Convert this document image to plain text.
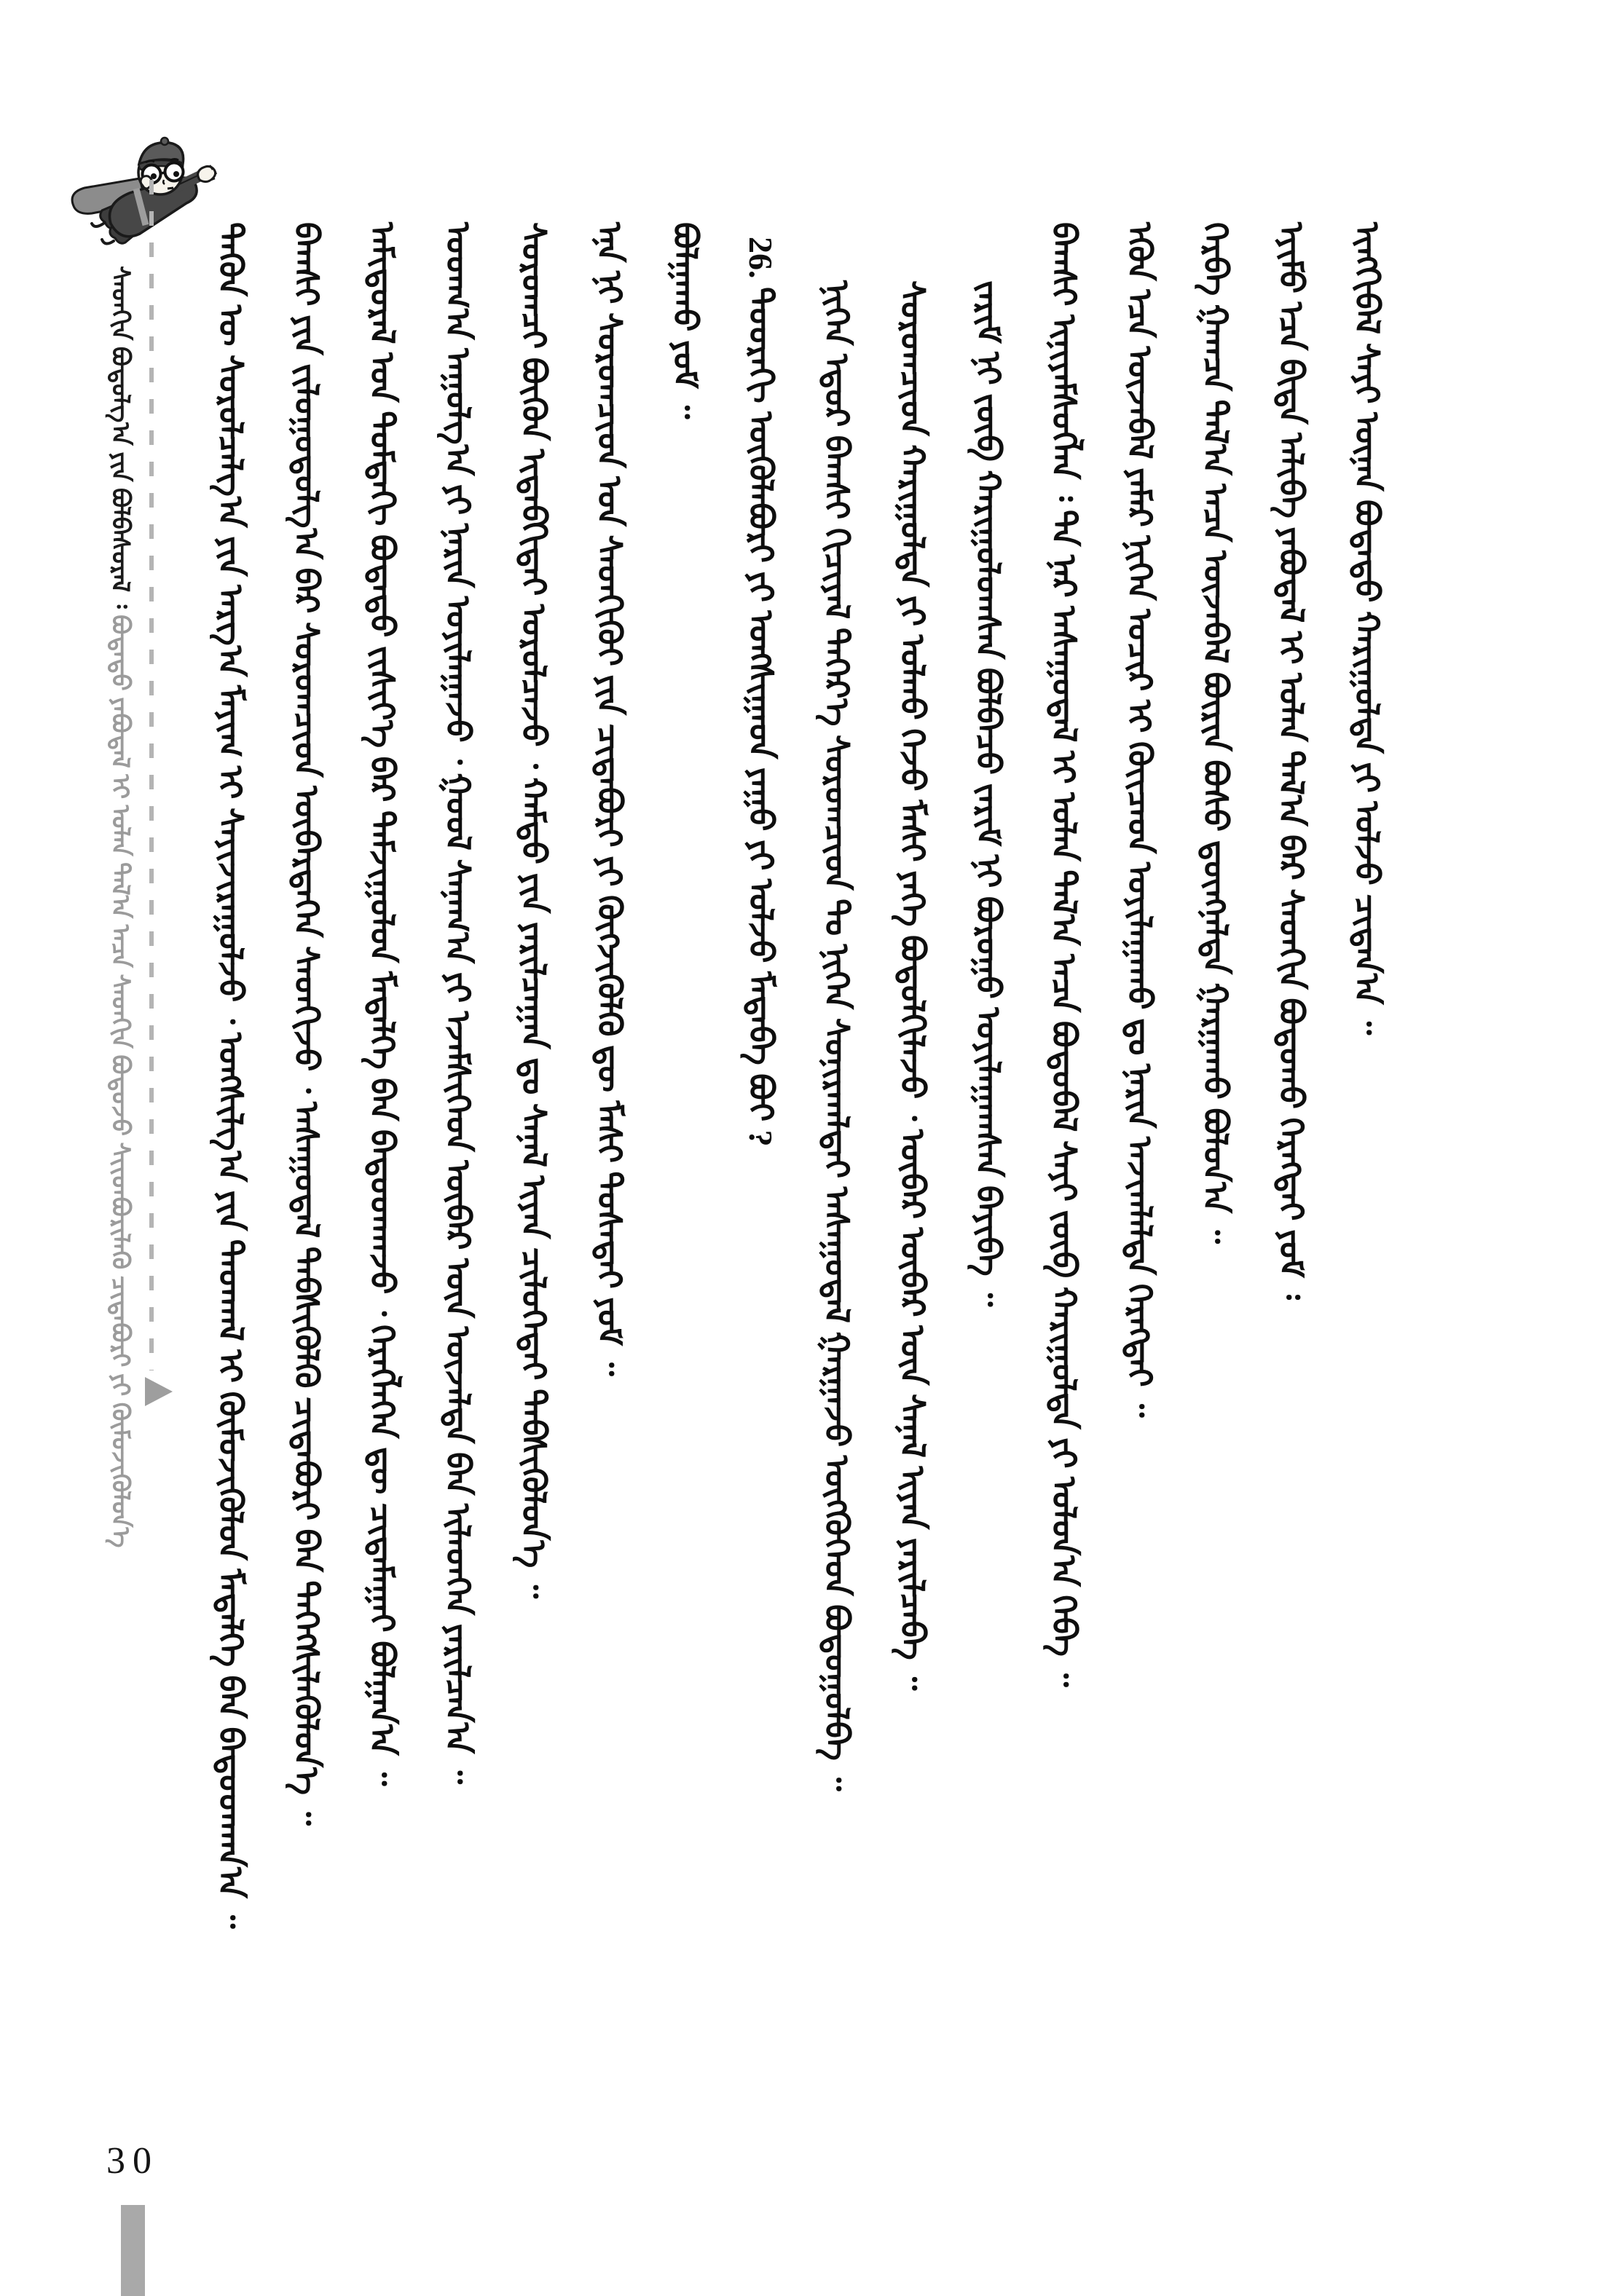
ᠰᠡᠳᠬᠢᠨ ᠪᠣᠳᠣᠯᠭ᠎ᠠ ᠶᠢᠨ ᠪᠣᠯᠪᠠᠰᠤᠷᠠᠯ ᠄ ᠪᠣᠳᠠᠲᠤ ᠶᠠᠪᠤᠳᠠᠯ ᠢ ᠣᠯᠠᠨ ᠲᠠᠯ᠎ᠠ ᠠᠴᠠ ᠰᠡᠳᠬᠢᠨ ᠪᠣᠳᠣᠵᠤ ᠰᠢᠢᠳᠪᠦᠷᠢᠯᠡᠬᠦ ᠴᠢᠳᠠᠪᠤᠷᠢ ᠶᠢ ᠬᠥᠮᠦᠵᠢᠭᠦᠯᠦᠨ᠎ᠡ ᠲᠡᠭᠦᠨ ᠦ ᠰᠤᠷᠤᠯᠴᠠᠯᠭ᠎ᠠ ᠶᠢᠨ ᠠᠷᠭ᠎ᠠ ᠮᠠᠶᠢᠭ ᠢ ᠰᠠᠶᠢᠵᠢᠷᠠᠭᠤᠯᠵᠤ ᠂ ᠤᠩᠰᠢᠯᠭ᠎ᠠ ᠶᠢᠨ ᠳᠠᠳᠬᠠᠯ ᠢ ᠬᠥᠮᠦᠵᠢᠭᠦᠯᠦᠨ ᠮᠡᠳᠡᠯᠭᠡ ᠪᠡᠨ ᠪᠠᠲᠤᠳᠬᠠᠨ᠎ᠠ ᠃ ᠪᠠᠭᠰᠢ ᠶᠢᠨ ᠵᠢᠯᠣᠭᠣᠳᠤᠯᠭ᠎ᠠ ᠪᠠᠷ ᠰᠤᠷᠤᠭᠴᠢᠳ ᠥᠪᠡᠷᠲᠡᠭᠡᠨ ᠰᠡᠳᠬᠢᠵᠦ ᠂ ᠠᠰᠠᠭᠤᠳᠠᠯ ᠳᠡᠪᠰᠢᠭᠦᠯᠬᠦ ᠴᠢᠳᠠᠪᠤᠷᠢ ᠪᠠᠨ ᠳᠡᠭᠡᠭᠰᠢᠯᠡᠭᠦᠯᠦᠨ᠎ᠡ ᠃ ᠠᠮᠢᠳᠤᠷᠠᠯ ᠤᠨ ᠳᠤᠮᠳᠠᠬᠢ ᠪᠣᠳᠠᠲᠤ ᠵᠢᠱᠢᠶ᠎ᠡ ᠪᠡᠷ ᠳᠠᠮᠵᠢᠭᠤᠯᠤᠨ ᠮᠡᠳᠡᠯᠭᠡ ᠪᠡᠨ ᠪᠠᠲᠤᠳᠬᠠᠵᠤ ᠂ ᠬᠡᠷᠡᠭᠯᠡᠭᠡᠨ ᠳᠦ ᠴᠢᠳᠠᠮᠠᠭᠠᠢ ᠪᠣᠯᠭᠠᠨ᠎ᠠ ᠃ ᠤᠳᠬ᠎ᠠ ᠠᠭᠤᠯᠭ᠎ᠠ ᠶᠢ ᠨᠠᠷᠢᠨ ᠣᠶᠢᠯᠠᠭᠠᠵᠤ ᠂ ᠭᠣᠣᠯ ᠰᠠᠨᠠᠭ᠎ᠠ ᠶᠢ ᠡᠵᠡᠮᠰᠢᠭᠡᠳ ᠥᠪᠡᠷ ᠦᠨ ᠦᠵᠡᠯᠲᠡ ᠪᠡᠨ ᠢᠯᠡᠳᠬᠡᠨ ᠶᠠᠷᠢᠯᠴᠠᠨ᠎ᠠ ᠃ ᠰᠤᠷᠤᠭᠴᠢ ᠪᠦᠬᠦᠨ ᠢᠳᠡᠪᠬᠢᠲᠡᠢ ᠣᠷᠣᠯᠴᠠᠵᠤ ᠂ ᠬᠠᠮᠲᠤ ᠶᠢᠨ ᠶᠠᠷᠢᠯᠴᠠᠭᠠᠨ ᠳᠤ ᠰᠠᠨᠠᠯ ᠢᠶᠠᠨ ᠴᠢᠯᠦᠭᠡᠲᠡᠢ ᠳᠡᠪᠰᠢᠭᠦᠯᠦᠨ᠎ᠡ ᠃ ᠡᠨᠡ ᠨᠢ ᠰᠤᠷᠤᠭᠴᠢᠳ ᠤᠨ ᠰᠡᠳᠬᠢᠬᠦᠢ ᠶᠢᠨ ᠴᠢᠳᠠᠪᠤᠷᠢ ᠶᠢ ᠬᠥᠭᠵᠢᠭᠦᠯᠬᠦ ᠳᠦ ᠮᠠᠰᠢ ᠲᠤᠰᠠᠲᠠᠢ ᠶᠤᠮ ᠃ ᠪᠣᠯᠭᠠᠬᠤ ᠶᠤᠮ ᠃ 26. ᠳᠣᠣᠷᠠᠬᠢ ᠦᠭᠦᠯᠡᠪᠦᠷᠢ ᠶᠢ ᠤᠩᠰᠢᠭᠠᠳ ᠶᠠᠭᠤ ᠶᠢ ᠣᠯᠵᠤ ᠮᠡᠳᠡᠪᠡ ᠪᠤᠢ ? ᠨᠢᠭᠡᠨ ᠡᠳᠦᠷ ᠪᠠᠭᠰᠢ ᠬᠢᠴᠢᠶᠡᠯ ᠳᠡᠭᠡᠷ᠎ᠡ ᠰᠤᠷᠤᠭᠴᠢᠳ ᠲᠤ ᠨᠢᠭᠡᠨ ᠰᠣᠨᠢᠷᠬᠠᠯᠲᠠᠢ ᠠᠰᠠᠭᠤᠳᠠᠯ ᠭᠠᠷᠭᠠᠵᠤ ᠥᠭᠭᠦᠭᠡᠳ ᠪᠣᠳᠣᠭᠤᠯᠪᠠ ᠃ ᠰᠤᠷᠤᠭᠴᠢᠳ ᠬᠠᠷᠢᠭᠤᠯᠲᠠ ᠶᠢ ᠣᠯᠬᠤ ᠭᠡᠵᠦ ᠮᠠᠰᠢ ᠶᠡᠬᠡ ᠪᠣᠳᠣᠯᠬᠢᠯᠠᠵᠤ ᠂ ᠥᠪᠡᠷ ᠥᠪᠡᠷ ᠦᠨ ᠰᠠᠨᠠᠯ ᠢᠶᠠᠨ ᠶᠠᠷᠢᠯᠴᠠᠪᠠ ᠃ ᠵᠠᠷᠢᠮ ᠨᠢ ᠵᠥᠪ ᠬᠠᠷᠢᠭᠤᠯᠤᠭᠰᠠᠨ ᠪᠣᠯᠪᠠᠴᠤ ᠵᠠᠷᠢᠮ ᠨᠢ ᠪᠤᠷᠤᠭᠤ ᠤᠶᠢᠯᠠᠭᠠᠭᠰᠠᠨ ᠪᠠᠶᠢᠪᠠ ᠃ ᠪᠠᠭᠰᠢ ᠢᠨᠢᠶᠡᠮᠰᠦᠭᠯᠡᠨ ᠄ ᠲᠠ ᠨᠠᠷ ᠠᠰᠠᠭᠤᠳᠠᠯ ᠢ ᠣᠯᠠᠨ ᠲᠠᠯ᠎ᠠ ᠠᠴᠠ ᠪᠣᠳᠣᠪᠠᠯ ᠰᠠᠶᠢ ᠵᠥᠪ ᠬᠠᠷᠢᠭᠤᠯᠲᠠ ᠶᠢ ᠣᠯᠤᠨ᠎ᠠ ᠭᠡᠪᠡ ᠃ ᠡᠭᠦᠨ ᠡᠴᠡ ᠦᠵᠡᠪᠡᠯ ᠶᠠᠮᠠᠷ ᠨᠢᠭᠡᠨ ᠤᠴᠢᠷ ᠢ ᠭᠦᠢᠴᠡᠳ ᠣᠶᠢᠯᠠᠭᠠᠬᠤ ᠳᠤ ᠨᠠᠷᠢᠨ ᠠᠵᠢᠭᠯᠠᠯᠲᠠ ᠬᠡᠷᠡᠭᠲᠡᠢ ᠃ ᠬᠡᠷᠪᠡ ᠭᠠᠭᠴᠠ ᠲᠠᠯ᠎ᠠ ᠠᠴᠠ ᠦᠵᠡᠪᠡᠯ ᠪᠦᠷᠢᠨ ᠪᠤᠰᠤ ᠳ᠋ᠦᠩᠨᠡᠯᠲᠡ ᠭᠠᠷᠭᠠᠬᠤ ᠪᠣᠯᠤᠨ᠎ᠠ ᠃ ᠡᠶᠢᠮᠦ ᠡᠴᠡ ᠪᠢᠳᠡ ᠠᠯᠢᠪᠠ ᠶᠠᠪᠤᠳᠠᠯ ᠢ ᠣᠯᠠᠨ ᠲᠠᠯ᠎ᠠ ᠪᠠᠷ ᠰᠡᠳᠬᠢᠨ ᠪᠣᠳᠣᠬᠤ ᠬᠡᠷᠡᠭᠲᠡᠢ ᠶᠤᠮ ᠄ ᠢᠩᠭᠢᠪᠡᠯ ᠰᠠᠶᠢ ᠦᠨᠡᠨ ᠪᠣᠳᠠᠲᠤ ᠬᠠᠷᠢᠭᠤᠯᠲᠠ ᠶᠢ ᠣᠯᠵᠤ ᠴᠢᠳᠠᠨ᠎ᠠ ᠃
30
